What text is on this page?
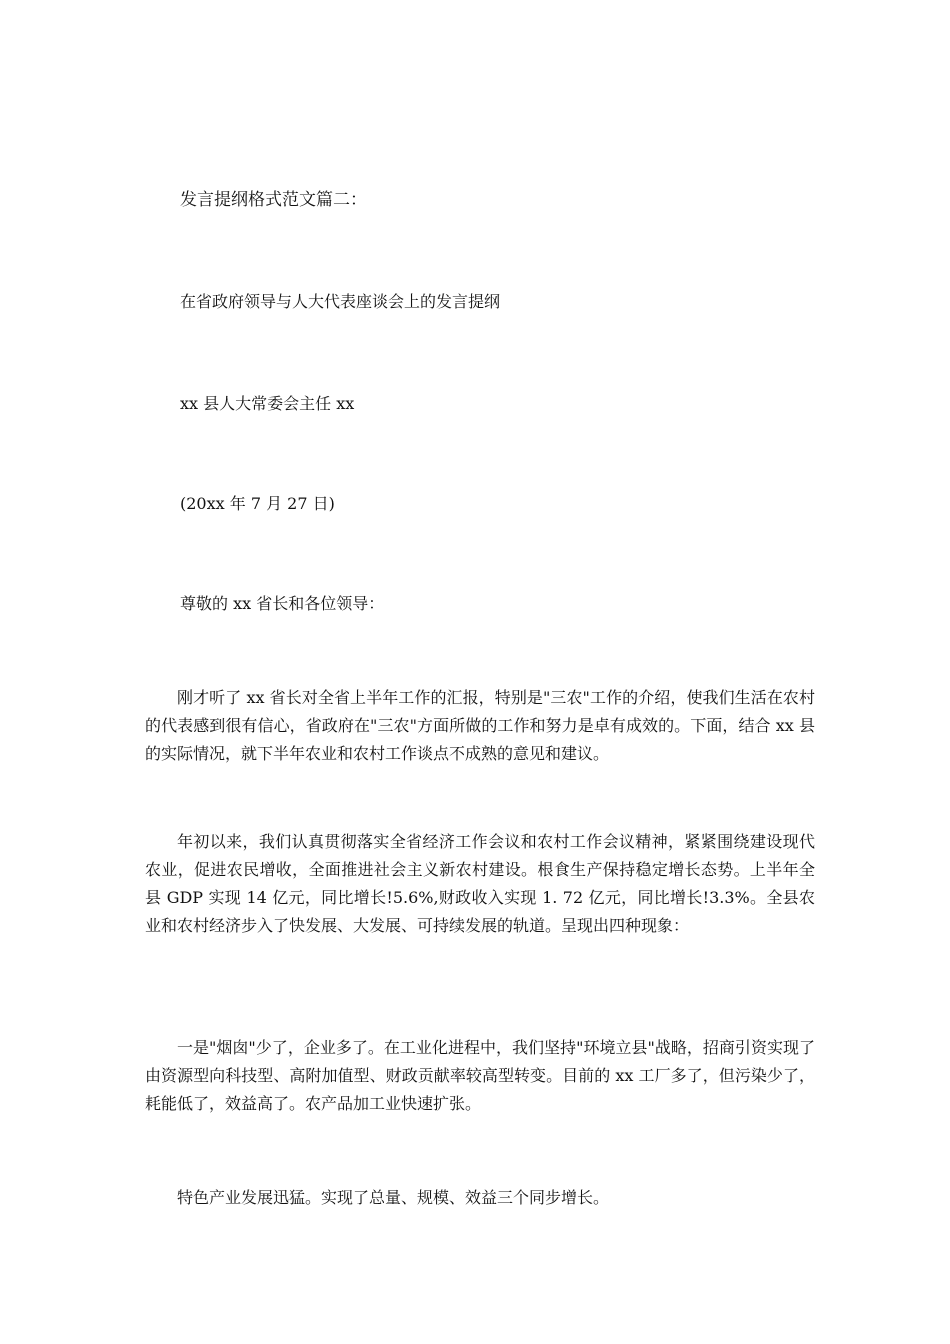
发言提纲格式范文篇二：

在省政府领导与人大代表座谈会上的发言提纲

xx 县人大常委会主任 xx

(20xx 年 7 月 27 日)

尊敬的 xx 省长和各位领导：

刚才听了 xx 省长对全省上半年工作的汇报，特别是"三农"工作的介绍，使我们生活在农村的代表感到很有信心，省政府在"三农"方面所做的工作和努力是卓有成效的。下面，结合 xx 县的实际情况，就下半年农业和农村工作谈点不成熟的意见和建议。

年初以来，我们认真贯彻落实全省经济工作会议和农村工作会议精神，紧紧围绕建设现代农业，促进农民增收，全面推进社会主义新农村建设。根食生产保持稳定增长态势。上半年全县 GDP 实现 14 亿元，同比增长!5.6%,财政收入实现 1. 72 亿元，同比增长!3.3%。全县农业和农村经济步入了快发展、大发展、可持续发展的轨道。呈现出四种现象：

一是"烟囱"少了，企业多了。在工业化进程中，我们坚持"环境立县"战略，招商引资实现了由资源型向科技型、高附加值型、财政贡献率较高型转变。目前的 xx 工厂多了，但污染少了，耗能低了，效益高了。农产品加工业快速扩张。

特色产业发展迅猛。实现了总量、规模、效益三个同步增长。
